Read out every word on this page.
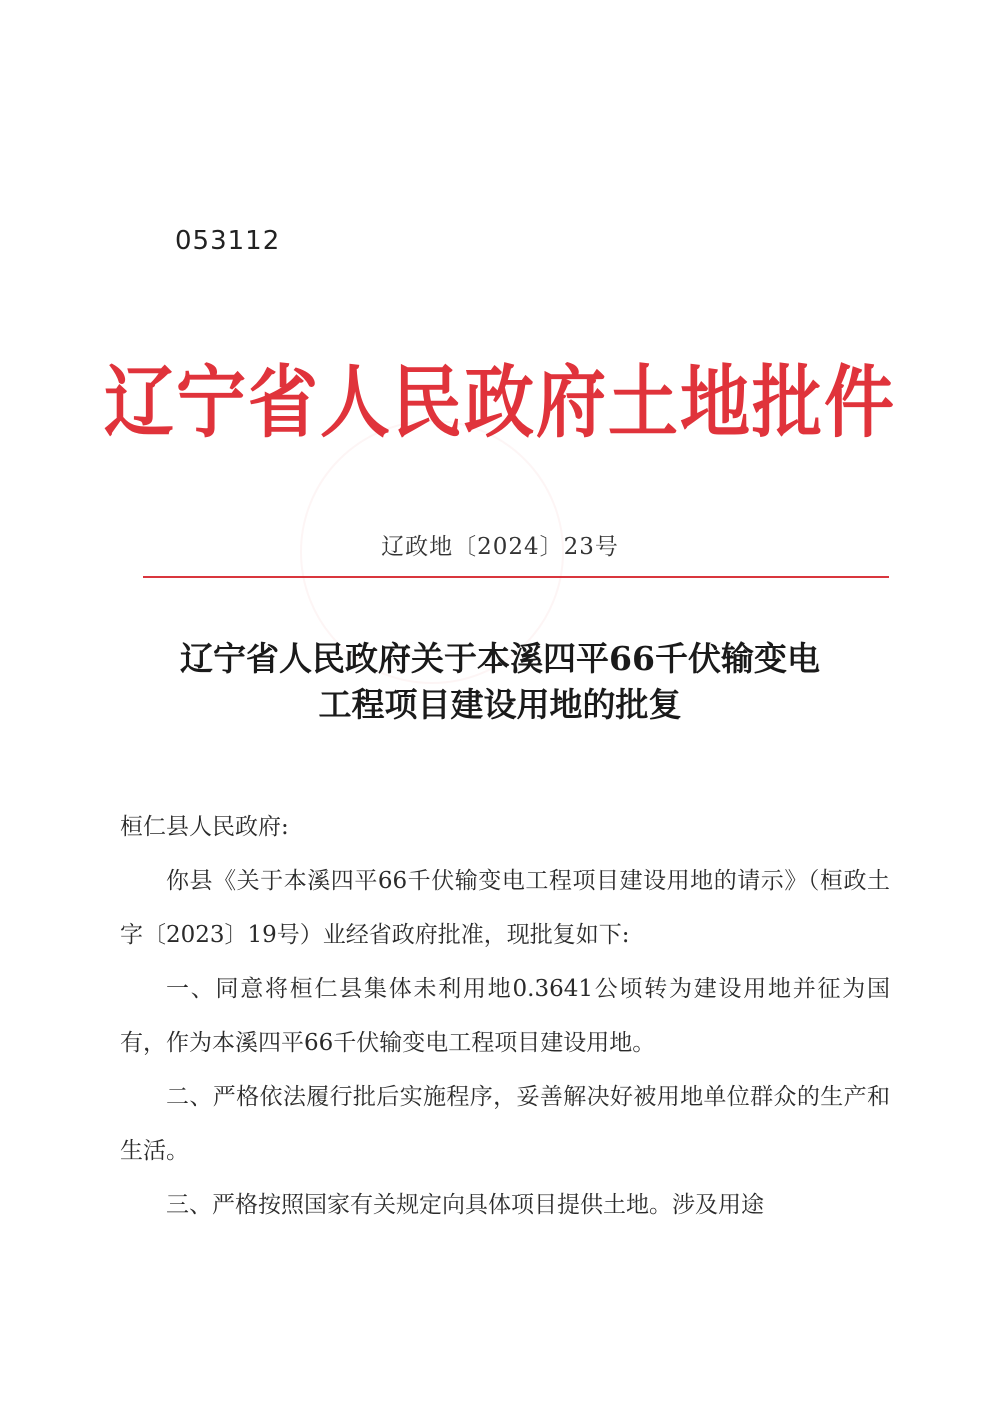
053112
辽宁省人民政府土地批件
辽政地〔2024〕23号
辽宁省人民政府关于本溪四平66千伏输变电
工程项目建设用地的批复

桓仁县人民政府:

你县《关于本溪四平66千伏输变电工程项目建设用地的请示》（桓政土字〔2023〕19号）业经省政府批准，现批复如下:

一、同意将桓仁县集体未利用地0.3641公顷转为建设用地并征为国有，作为本溪四平66千伏输变电工程项目建设用地。

二、严格依法履行批后实施程序，妥善解决好被用地单位群众的生产和生活。

三、严格按照国家有关规定向具体项目提供土地。涉及用途
